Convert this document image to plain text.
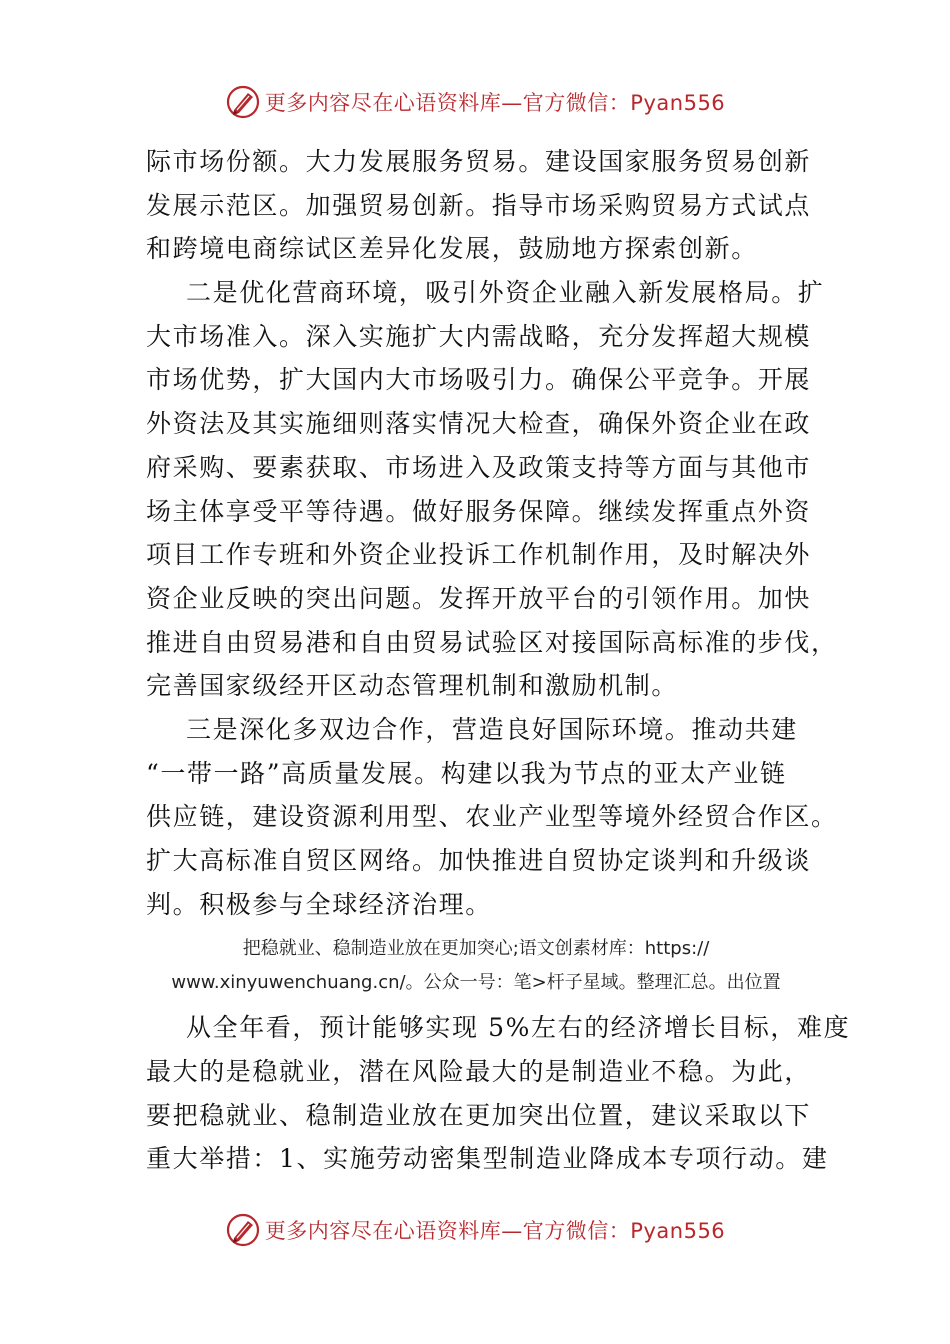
更多内容尽在心语资料库—官方微信：Pyan556
际市场份额。大力发展服务贸易。建设国家服务贸易创新
发展示范区。加强贸易创新。指导市场采购贸易方式试点
和跨境电商综试区差异化发展，鼓励地方探索创新。
二是优化营商环境，吸引外资企业融入新发展格局。扩
大市场准入。深入实施扩大内需战略，充分发挥超大规模
市场优势，扩大国内大市场吸引力。确保公平竞争。开展
外资法及其实施细则落实情况大检查，确保外资企业在政
府采购、要素获取、市场进入及政策支持等方面与其他市
场主体享受平等待遇。做好服务保障。继续发挥重点外资
项目工作专班和外资企业投诉工作机制作用，及时解决外
资企业反映的突出问题。发挥开放平台的引领作用。加快
推进自由贸易港和自由贸易试验区对接国际高标准的步伐，
完善国家级经开区动态管理机制和激励机制。
三是深化多双边合作，营造良好国际环境。推动共建
“一带一路”高质量发展。构建以我为节点的亚太产业链
供应链，建设资源利用型、农业产业型等境外经贸合作区。
扩大高标准自贸区网络。加快推进自贸协定谈判和升级谈
判。积极参与全球经济治理。
把稳就业、稳制造业放在更加突心;语文创素材库：https://
www.xinyuwenchuang.cn/。公众一号：笔>杆子星域。整理汇总。出位置
从全年看，预计能够实现 5%左右的经济增长目标，难度
最大的是稳就业，潜在风险最大的是制造业不稳。为此，
要把稳就业、稳制造业放在更加突出位置，建议采取以下
重大举措：1、实施劳动密集型制造业降成本专项行动。建
更多内容尽在心语资料库—官方微信：Pyan556
